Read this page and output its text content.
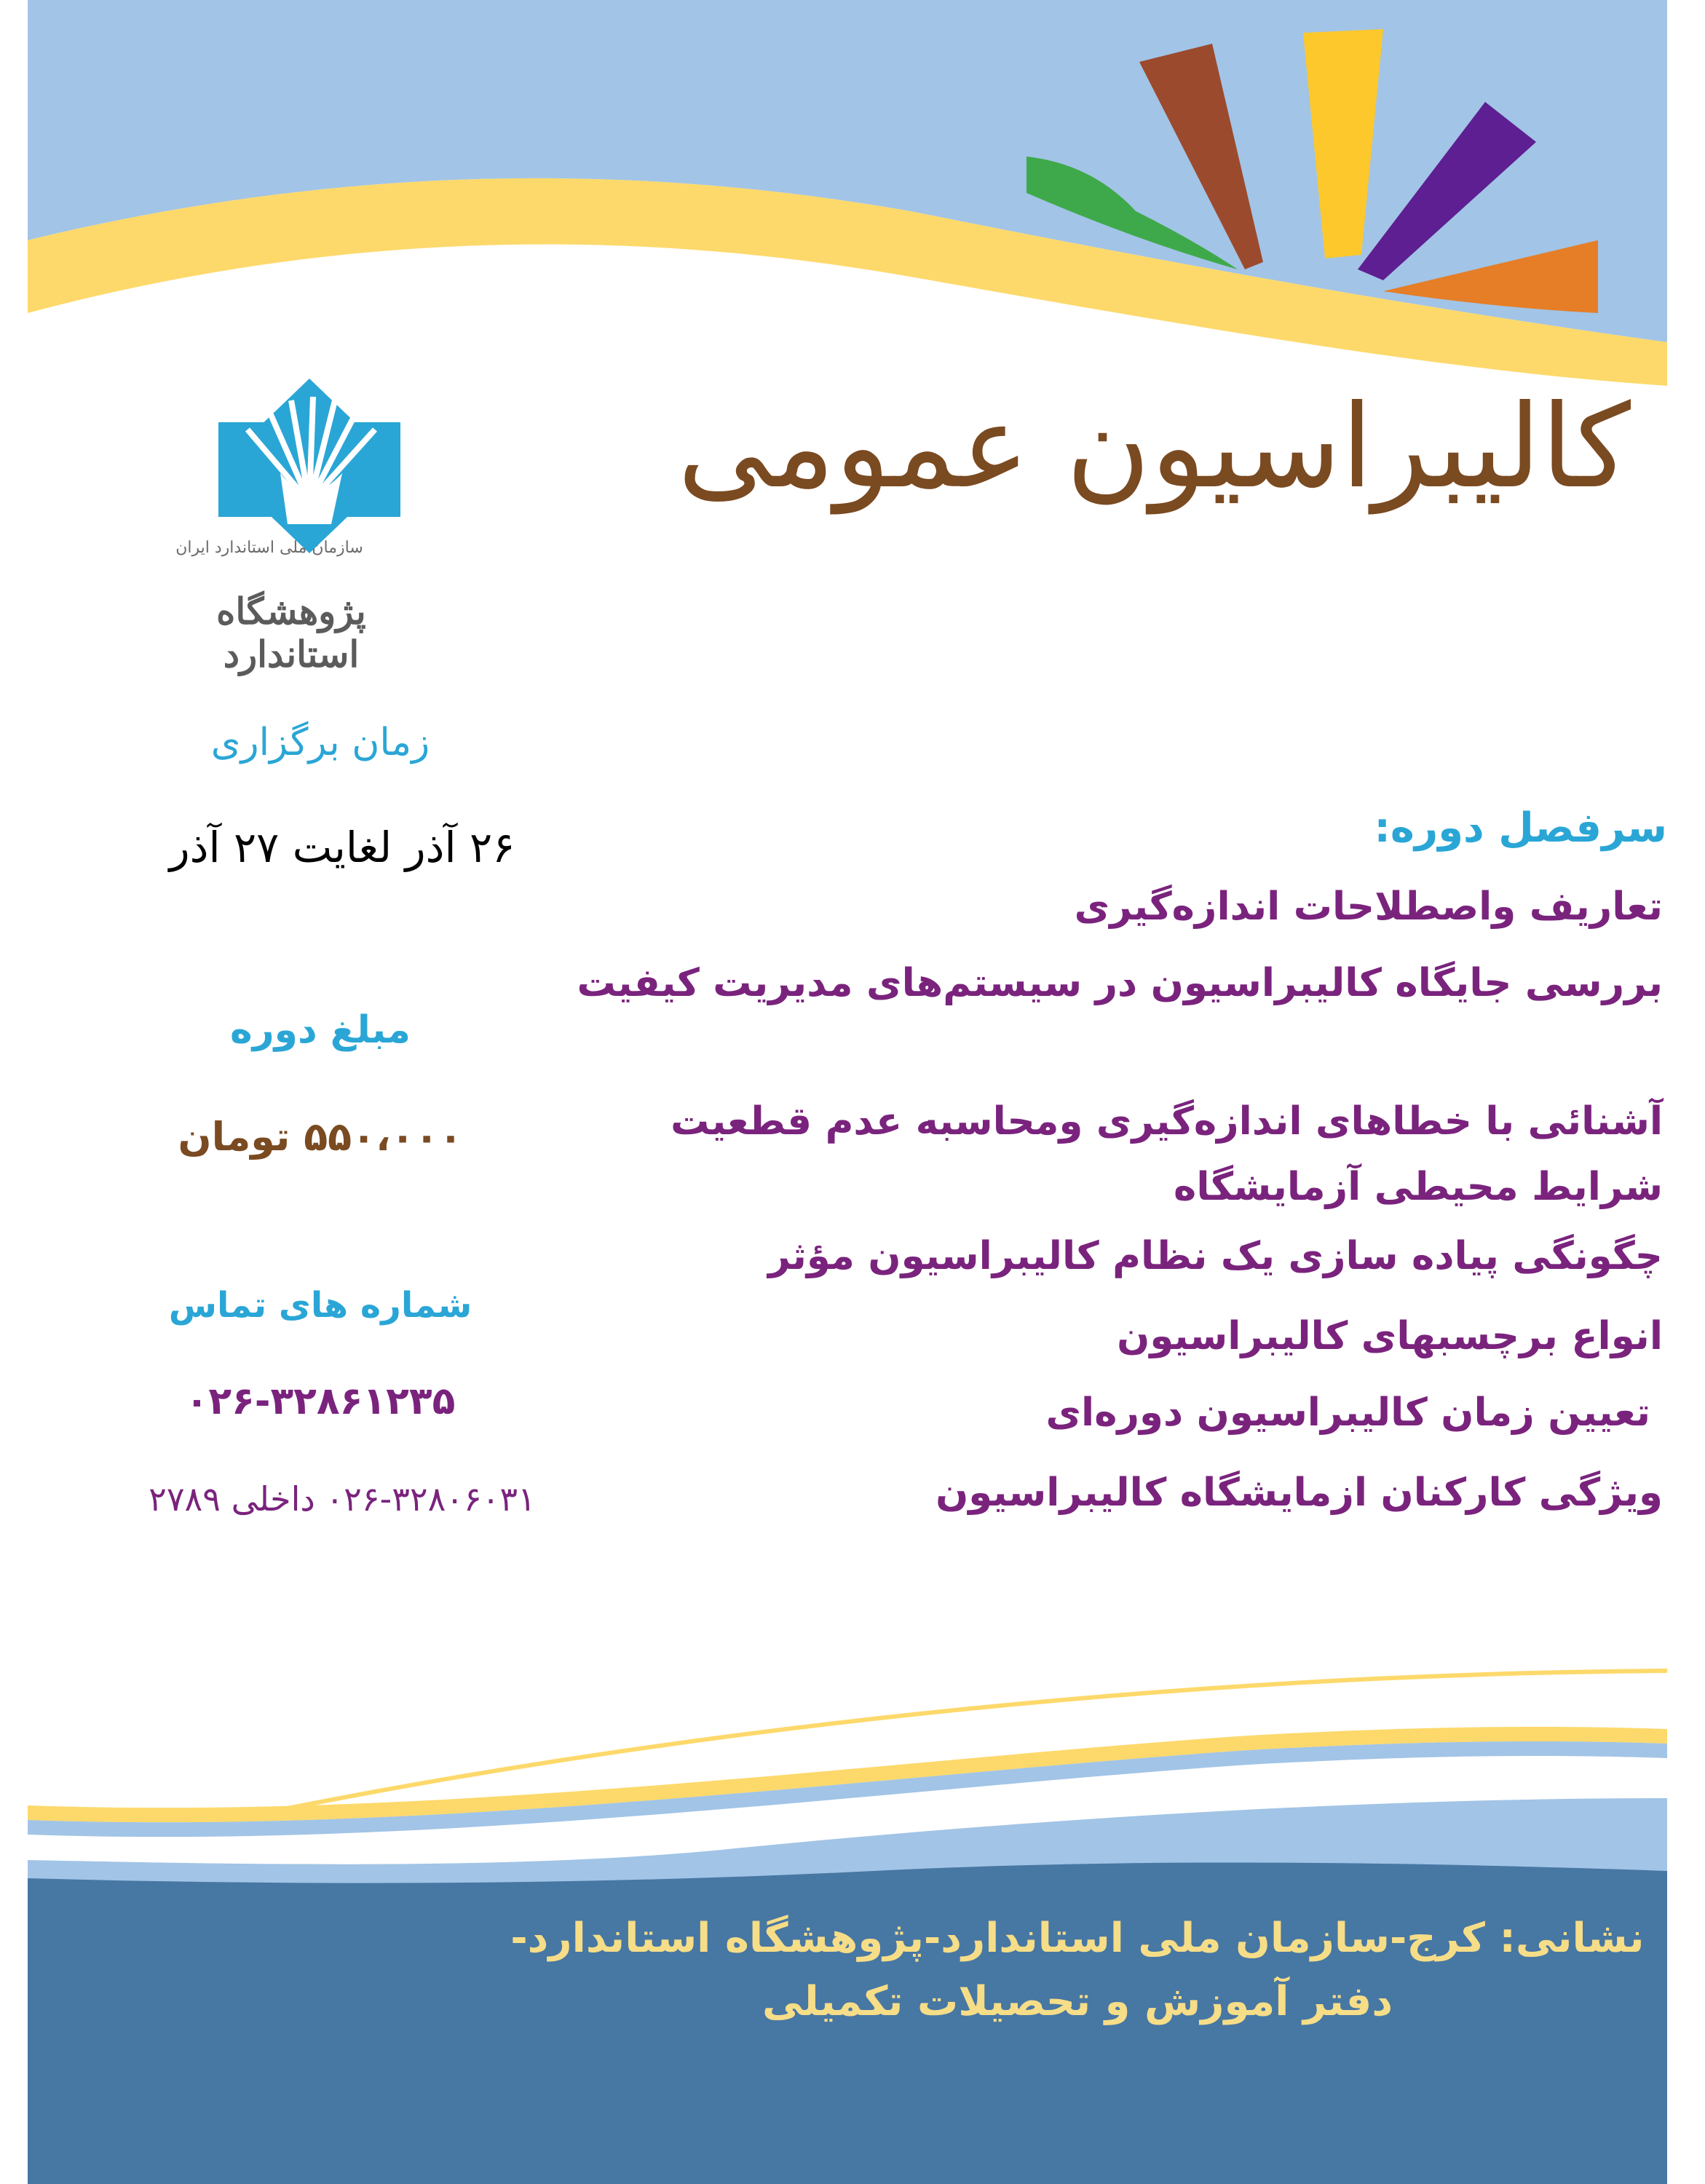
کالیبراسیون عمومی
سازمان ملی استاندارد ایران
پژوهشگاه استاندارد
زمان برگزاری
۲۶ آذر لغایت ۲۷ آذر
مبلغ دوره
۵۵۰،۰۰۰ تومان
شماره های تماس
۰۲۶-۳۲۸۶۱۲۳۵
۰۲۶-۳۲۸۰۶۰۳۱ داخلی ۲۷۸۹
سرفصل دوره:
تعاریف واصطلاحات اندازه‌گیری
بررسی جایگاه کالیبراسیون در سیستم‌های مدیریت کیفیت
آشنائی با خطاهای اندازه‌گیری ومحاسبه عدم قطعیت
شرایط محیطی آزمایشگاه
چگونگی پیاده سازی یک نظام کالیبراسیون مؤثر
انواع برچسبهای کالیبراسیون
تعیین زمان کالیبراسیون دوره‌ای
ویژگی کارکنان ازمایشگاه کالیبراسیون
نشانی: کرج-سازمان ملی استاندارد-پژوهشگاه استاندارد-
دفتر آموزش و تحصیلات تکمیلی
